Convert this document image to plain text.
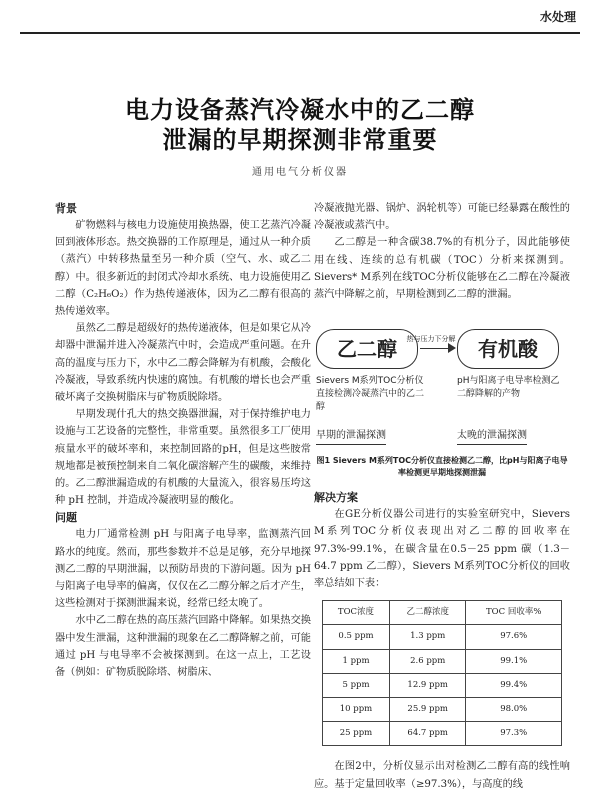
水处理
电力设备蒸汽冷凝水中的乙二醇
泄漏的早期探测非常重要
通用电气分析仪器
背景

矿物燃料与核电力设施使用换热器，使工艺蒸汽冷凝回到液体形态。热交换器的工作原理是，通过从一种介质（蒸汽）中转移热量至另一种介质（空气、水、或乙二醇）中。很多新近的封闭式冷却水系统、电力设施使用乙二醇（C₂H₆O₂）作为热传递液体，因为乙二醇有很高的热传递效率。

虽然乙二醇是超级好的热传递液体，但是如果它从冷却器中泄漏并进入冷凝蒸汽中时，会造成严重问题。在升高的温度与压力下，水中乙二醇会降解为有机酸，会酸化冷凝液，导致系统内快速的腐蚀。有机酸的增长也会严重破坏离子交换树脂床与矿物质脱除塔。

早期发现什孔大的热交换器泄漏，对于保持维护电力设施与工艺设备的完整性，非常重要。虽然很多工厂使用痕量水平的破坏率和，来控制回路的pH，但是这些胺常规地都是被预控制来自二氧化碳溶解产生的碳酸，来维持的。乙二醇泄漏造成的有机酸的大量流入，很容易压垮这种 pH 控制，并造成冷凝液明显的酸化。

问题

电力厂通常检测 pH 与阳离子电导率，监测蒸汽回路水的纯度。然而，那些参数并不总是足够，充分早地探测乙二醇的早期泄漏，以预防昂贵的下游问题。因为 pH 与阳离子电导率的偏离，仅仅在乙二醇分解之后才产生，这些检测对于探测泄漏来说，经常已经太晚了。

水中乙二醇在热的高压蒸汽回路中降解。如果热交换器中发生泄漏，这种泄漏的现象在乙二醇降解之前，可能通过 pH 与电导率不会被探测到。在这一点上，工艺设备（例如：矿物质脱除塔、树脂床、

冷凝液抛光器、锅炉、涡轮机等）可能已经暴露在酸性的冷凝液或蒸汽中。

乙二醇是一种含碳38.7%的有机分子，因此能够使用在线、连续的总有机碳（TOC）分析来探测到。Sievers* M系列在线TOC分析仪能够在乙二醇在冷凝液蒸汽中降解之前，早期检测到乙二醇的泄漏。

乙二醇	热与压力下分解	有机酸
Sievers M系列TOC分析仪直接检测冷凝蒸汽中的乙二醇
pH与阳离子电导率检测乙二醇降解的产物
早期的泄漏探测	太晚的泄漏探测
图1 Sievers M系列TOC分析仪直接检测乙二醇，比pH与阳离子电导率检测更早期地探测泄漏
解决方案

在GE分析仪器公司进行的实验室研究中，Sievers M系列TOC分析仪表现出对乙二醇的回收率在97.3%-99.1%，在碳含量在0.5－25 ppm 碳（1.3－64.7 ppm 乙二醇），Sievers M系列TOC分析仪的回收率总结如下表：

TOC浓度	乙二醇浓度	TOC 回收率%
0.5 ppm	1.3 ppm	97.6%
1 ppm	2.6 ppm	99.1%
5 ppm	12.9 ppm	99.4%
10 ppm	25.9 ppm	98.0%
25 ppm	64.7 ppm	97.3%

在图2中，分析仪显示出对检测乙二醇有高的线性响应。基于定量回收率（≥97.3%），与高度的线
